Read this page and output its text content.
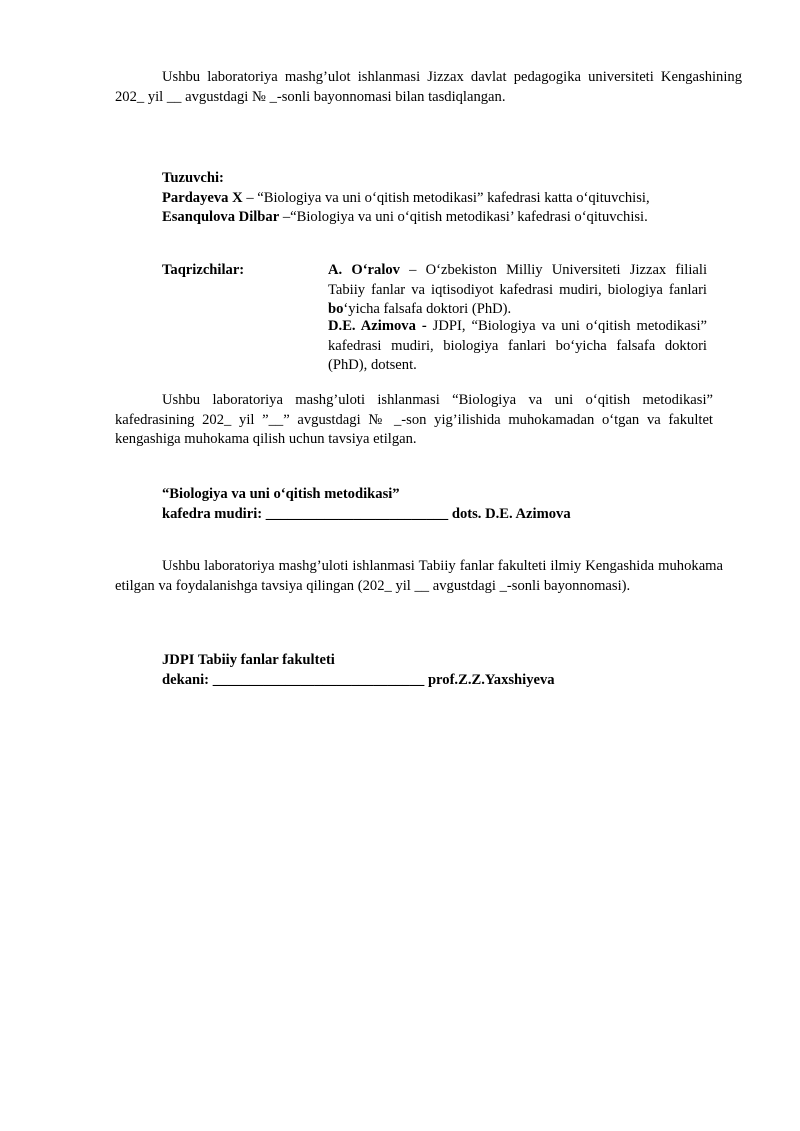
Ushbu laboratoriya mashg’ulot ishlanmasi Jizzax davlat pedagogika universiteti Kengashining 202_ yil __ avgustdagi № _-sonli bayonnomasi bilan tasdiqlangan.

Tuzuvchi:
Pardayeva X – “Biologiya va uni o‘qitish metodikasi” kafedrasi katta o‘qituvchisi,
Esanqulova Dilbar –“Biologiya va uni o‘qitish metodikasi’ kafedrasi o‘qituvchisi.
Taqrizchilar:	A. O‘ralov – O‘zbekiston Milliy Universiteti Jizzax filiali Tabiiy fanlar va iqtisodiyot kafedrasi mudiri, biologiya fanlari bo‘yicha falsafa doktori (PhD).
D.E. Azimova - JDPI, “Biologiya va uni o‘qitish metodikasi” kafedrasi mudiri, biologiya fanlari bo‘yicha falsafa doktori (PhD), dotsent.

Ushbu laboratoriya mashg’uloti ishlanmasi “Biologiya va uni o‘qitish metodikasi” kafedrasining 202_ yil ”__” avgustdagi № _-son yig’ilishida muhokamadan o‘tgan va fakultet kengashiga muhokama qilish uchun tavsiya etilgan.

“Biologiya va uni o‘qitish metodikasi”
kafedra mudiri: _________________________ dots. D.E. Azimova

Ushbu laboratoriya mashg’uloti ishlanmasi Tabiiy fanlar fakulteti ilmiy Kengashida muhokama etilgan va foydalanishga tavsiya qilingan (202_ yil __ avgustdagi _-sonli bayonnomasi).

JDPI Tabiiy fanlar fakulteti
dekani: _____________________________ prof.Z.Z.Yaxshiyeva
